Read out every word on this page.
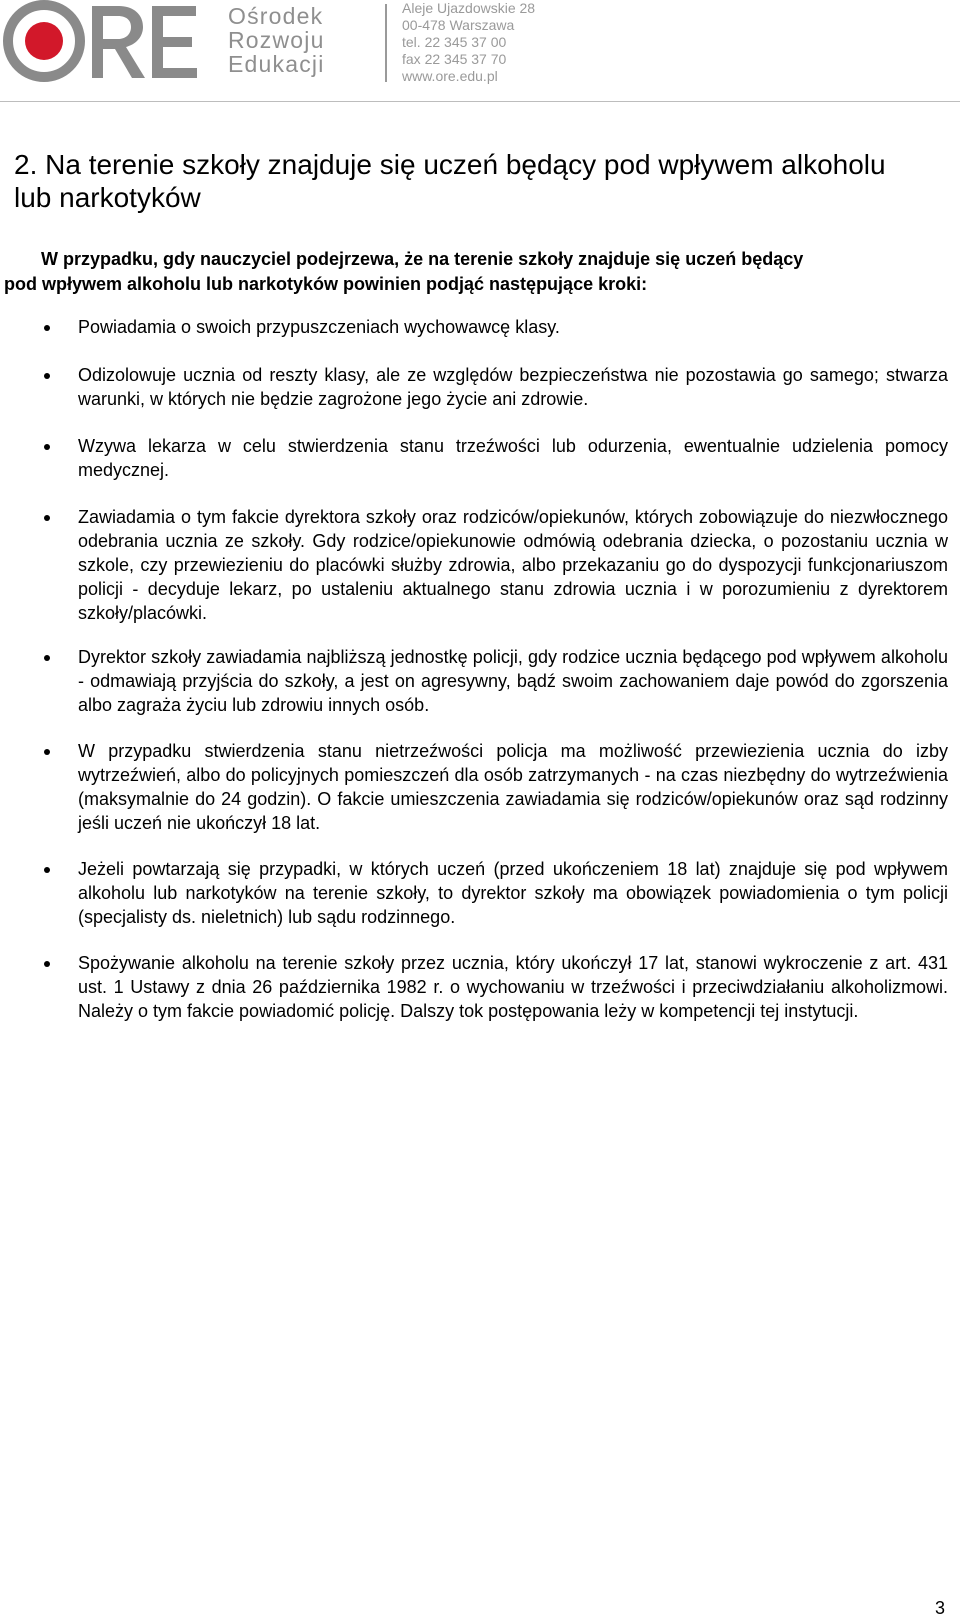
Ośrodek
Rozwoju
Edukacji
Aleje Ujazdowskie 28
00-478 Warszawa
tel. 22 345 37 00
fax 22 345 37 70
www.ore.edu.pl
2. Na terenie szkoły znajduje się uczeń będący pod wpływem alkoholu lub narkotyków

W przypadku, gdy nauczyciel podejrzewa, że na terenie szkoły znajduje się uczeń będący

pod wpływem alkoholu lub narkotyków powinien podjąć następujące kroki:

Powiadamia o swoich przypuszczeniach wychowawcę klasy.
Odizolowuje ucznia od reszty klasy, ale ze względów bezpieczeństwa nie pozostawia go samego; stwarza warunki, w których nie będzie zagrożone jego życie ani zdrowie.
Wzywa lekarza w celu stwierdzenia stanu trzeźwości lub odurzenia, ewentualnie udzielenia pomocy medycznej.
Zawiadamia o tym fakcie dyrektora szkoły oraz rodziców/opiekunów, których zobowiązuje do niezwłocznego odebrania ucznia ze szkoły. Gdy rodzice/opiekunowie odmówią odebrania dziecka, o pozostaniu ucznia w szkole, czy przewiezieniu do placówki służby zdrowia, albo przekazaniu go do dyspozycji funkcjonariuszom policji - decyduje lekarz, po ustaleniu aktualnego stanu zdrowia ucznia i w porozumieniu z dyrektorem szkoły/placówki.
Dyrektor szkoły zawiadamia najbliższą jednostkę policji, gdy rodzice ucznia będącego pod wpływem alkoholu - odmawiają przyjścia do szkoły, a jest on agresywny, bądź swoim zachowaniem daje powód do zgorszenia albo zagraża życiu lub zdrowiu innych osób.
W przypadku stwierdzenia stanu nietrzeźwości policja ma możliwość przewiezienia ucznia do izby wytrzeźwień, albo do policyjnych pomieszczeń dla osób zatrzymanych - na czas niezbędny do wytrzeźwienia (maksymalnie do 24 godzin). O fakcie umieszczenia zawiadamia się rodziców/opiekunów oraz sąd rodzinny jeśli uczeń nie ukończył 18 lat.
Jeżeli powtarzają się przypadki, w których uczeń (przed ukończeniem 18 lat) znajduje się pod wpływem alkoholu lub narkotyków na terenie szkoły, to dyrektor szkoły ma obowiązek powiadomienia o tym policji (specjalisty ds. nieletnich) lub sądu rodzinnego.
Spożywanie alkoholu na terenie szkoły przez ucznia, który ukończył 17 lat, stanowi wykroczenie z art. 431 ust. 1 Ustawy z dnia 26 października 1982 r. o wychowaniu w trzeźwości i przeciwdziałaniu alkoholizmowi. Należy o tym fakcie powiadomić policję. Dalszy tok postępowania leży w kompetencji tej instytucji.
3
